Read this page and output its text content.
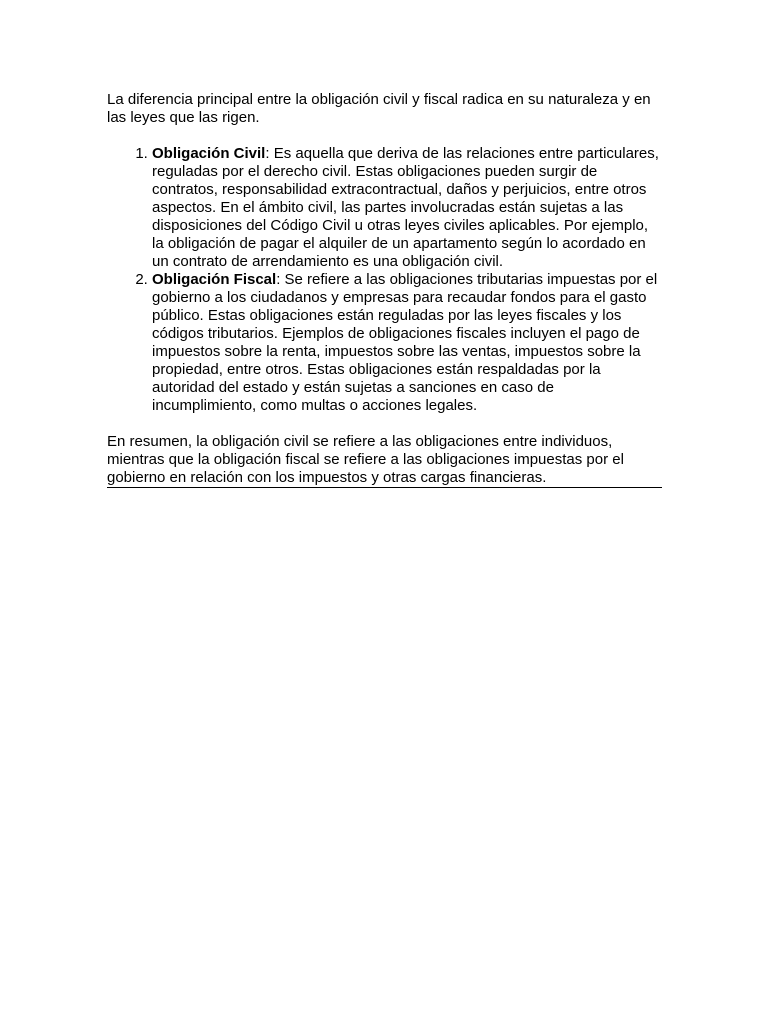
La diferencia principal entre la obligación civil y fiscal radica en su naturaleza y en las leyes que las rigen.

1. Obligación Civil: Es aquella que deriva de las relaciones entre particulares, reguladas por el derecho civil. Estas obligaciones pueden surgir de contratos, responsabilidad extracontractual, daños y perjuicios, entre otros aspectos. En el ámbito civil, las partes involucradas están sujetas a las disposiciones del Código Civil u otras leyes civiles aplicables. Por ejemplo, la obligación de pagar el alquiler de un apartamento según lo acordado en un contrato de arrendamiento es una obligación civil.
2. Obligación Fiscal: Se refiere a las obligaciones tributarias impuestas por el gobierno a los ciudadanos y empresas para recaudar fondos para el gasto público. Estas obligaciones están reguladas por las leyes fiscales y los códigos tributarios. Ejemplos de obligaciones fiscales incluyen el pago de impuestos sobre la renta, impuestos sobre las ventas, impuestos sobre la propiedad, entre otros. Estas obligaciones están respaldadas por la autoridad del estado y están sujetas a sanciones en caso de incumplimiento, como multas o acciones legales.

En resumen, la obligación civil se refiere a las obligaciones entre individuos, mientras que la obligación fiscal se refiere a las obligaciones impuestas por el gobierno en relación con los impuestos y otras cargas financieras.
